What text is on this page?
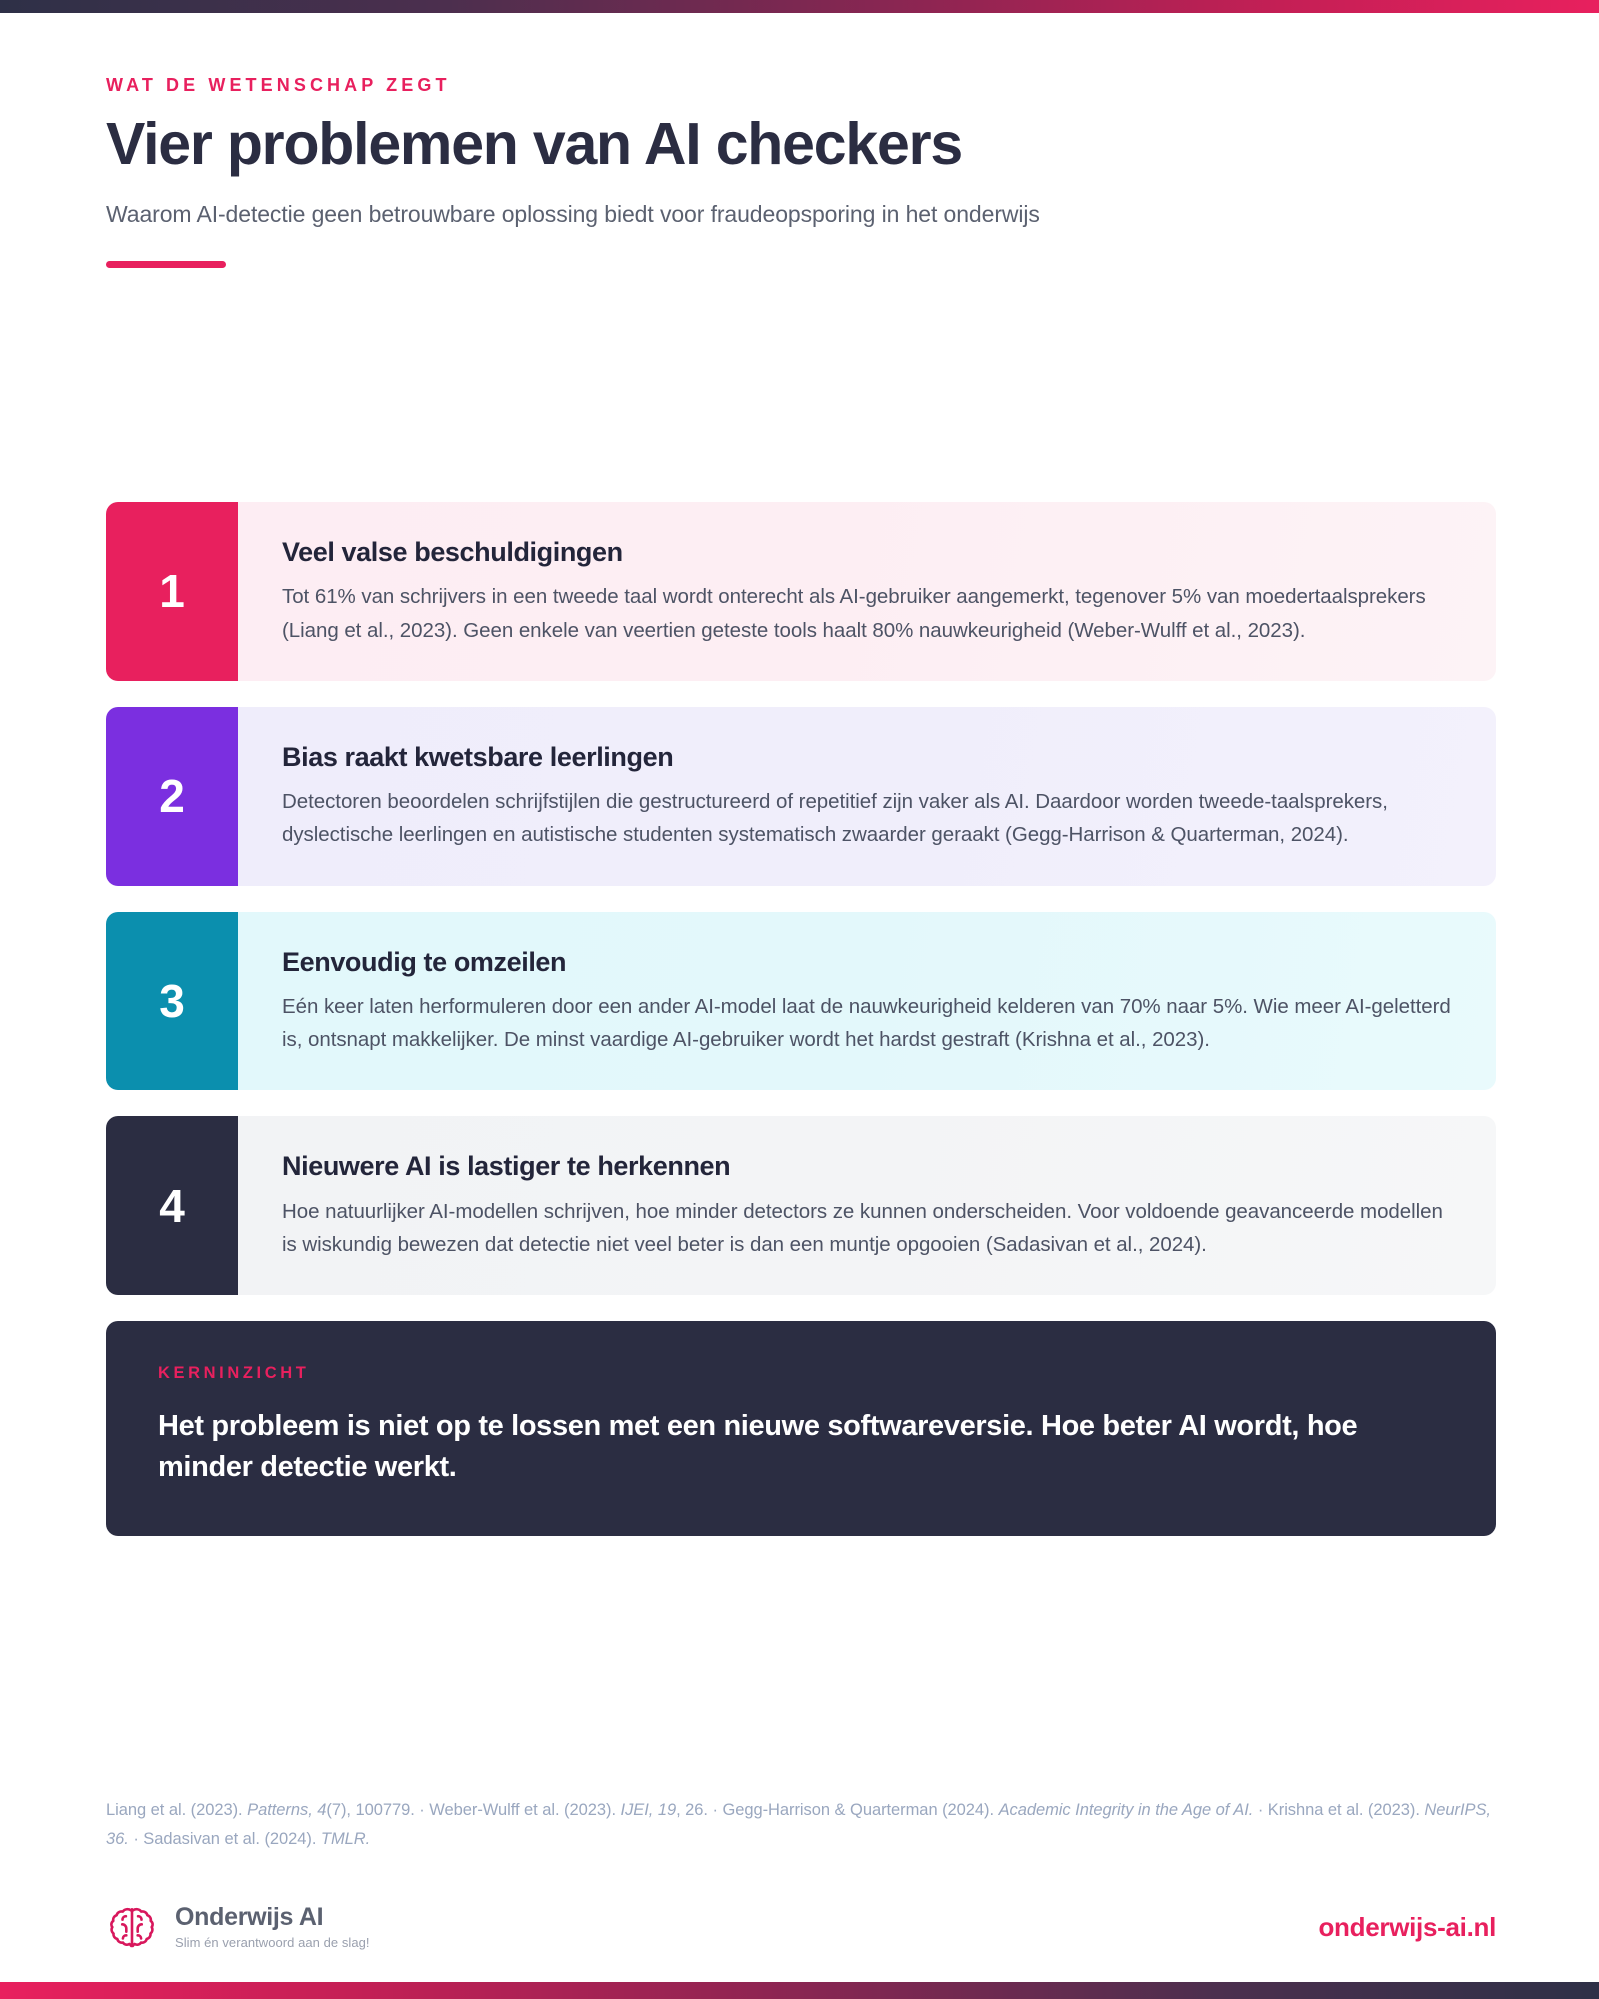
WAT DE WETENSCHAP ZEGT
Vier problemen van AI checkers

Waarom AI-detectie geen betrouwbare oplossing biedt voor fraudeopsporing in het onderwijs

1
Veel valse beschuldigingen
Tot 61% van schrijvers in een tweede taal wordt onterecht als AI-gebruiker aangemerkt, tegenover 5% van moedertaalsprekers (Liang et al., 2023). Geen enkele van veertien geteste tools haalt 80% nauwkeurigheid (Weber-Wulff et al., 2023).
2
Bias raakt kwetsbare leerlingen
Detectoren beoordelen schrijfstijlen die gestructureerd of repetitief zijn vaker als AI. Daardoor worden tweede-taalsprekers, dyslectische leerlingen en autistische studenten systematisch zwaarder geraakt (Gegg-Harrison & Quarterman, 2024).
3
Eenvoudig te omzeilen
Eén keer laten herformuleren door een ander AI-model laat de nauwkeurigheid kelderen van 70% naar 5%. Wie meer AI-geletterd is, ontsnapt makkelijker. De minst vaardige AI-gebruiker wordt het hardst gestraft (Krishna et al., 2023).
4
Nieuwere AI is lastiger te herkennen
Hoe natuurlijker AI-modellen schrijven, hoe minder detectors ze kunnen onderscheiden. Voor voldoende geavanceerde modellen is wiskundig bewezen dat detectie niet veel beter is dan een muntje opgooien (Sadasivan et al., 2024).
KERNINZICHT
Het probleem is niet op te lossen met een nieuwe softwareversie. Hoe beter AI wordt, hoe minder detectie werkt.
Liang et al. (2023). Patterns, 4(7), 100779. · Weber-Wulff et al. (2023). IJEI, 19, 26. · Gegg-Harrison & Quarterman (2024). Academic Integrity in the Age of AI. · Krishna et al. (2023). NeurIPS, 36. · Sadasivan et al. (2024). TMLR.
Onderwijs AI
Slim én verantwoord aan de slag!
onderwijs-ai.nl
